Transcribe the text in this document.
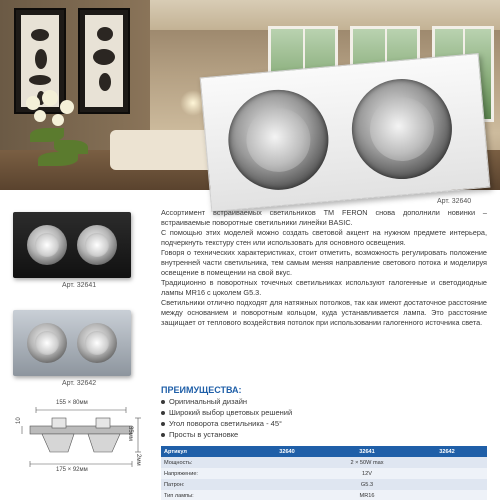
Арт. 32640
Арт. 32641
Арт. 32642

Ассортимент встраиваемых светильников TM FERON снова дополнили новинки – встраиваемые поворотные светильники линейки BASIC.

С помощью этих моделей можно создать световой акцент на нужном предмете интерьера, подчеркнуть текстуру стен или использовать для основного освещения.

Говоря о технических характеристиках, стоит отметить, возможность регулировать положение внутренней части светильника, тем самым меняя направление светового потока и моделируя освещение в помещении на свой вкус.

Традиционно в поворотных точечных светильниках используют галогенные и светодиодные лампы MR16 с цоколем G5.3.

Светильники отлично подходят для натяжных потолков, так как имеют достаточное расстояние между основанием и поворотным кольцом, куда устанавливается лампа. Это расстояние защищает от теплового воздействия потолок при использовании галогенного источника света.

ПРЕИМУЩЕСТВА:
Оригинальный дизайн
Широкий выбор цветовых решений
Угол поворота светильника - 45°
Просты в установке
Артикул	32640	32641	32642
Мощность:	2 × 50W max		
Напряжение:	12V		
Патрон:	G5.3		
Тип лампы:	MR16		
155 × 80мм
175 × 92мм
35мм
2мм
10
